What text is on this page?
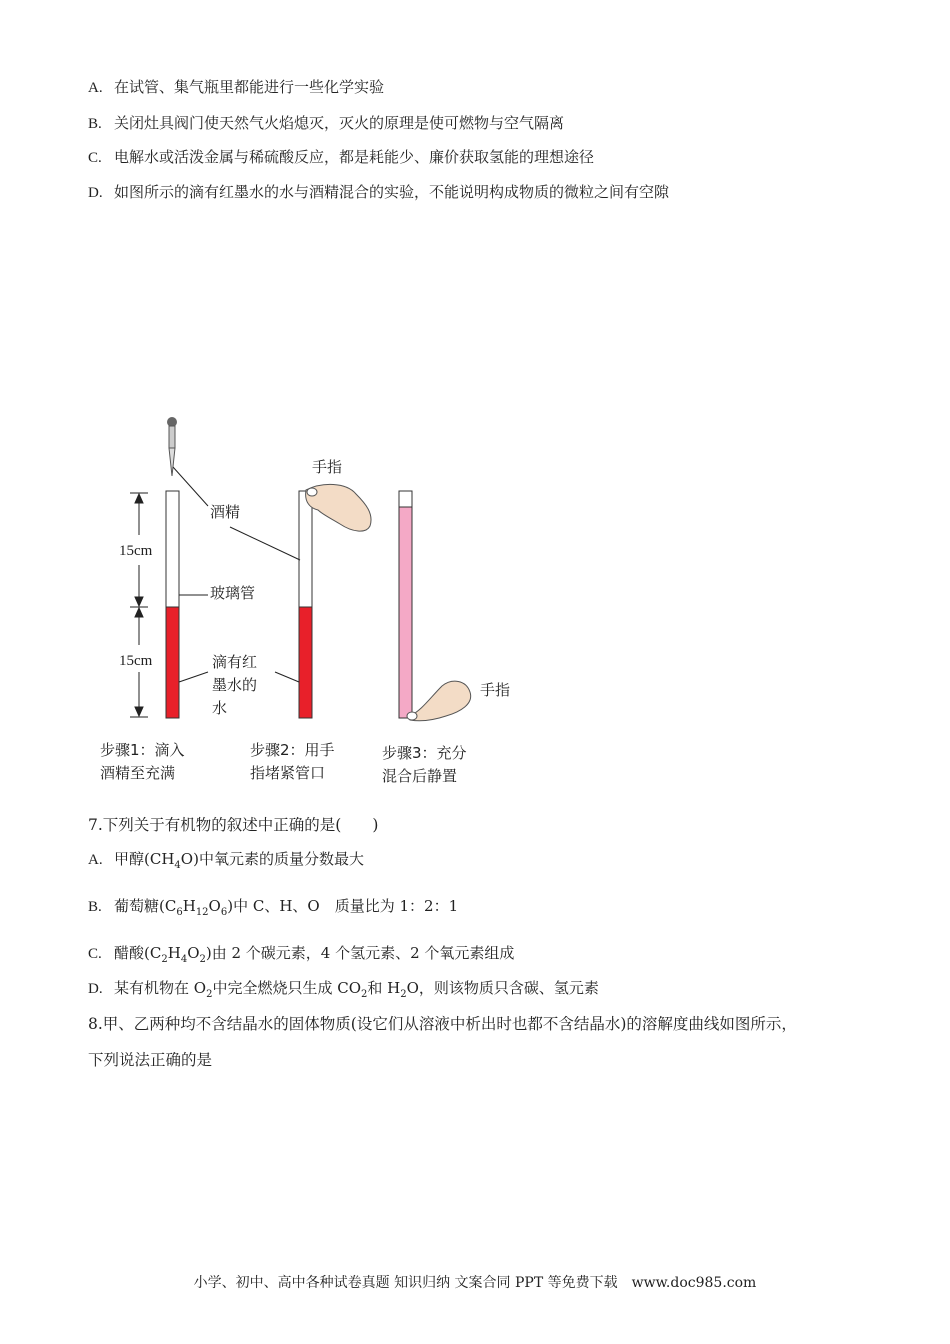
A. 在试管、集气瓶里都能进行一些化学实验
B. 关闭灶具阀门使天然气火焰熄灭，灭火的原理是使可燃物与空气隔离
C. 电解水或活泼金属与稀硫酸反应，都是耗能少、廉价获取氢能的理想途径
D. 如图所示的滴有红墨水的水与酒精混合的实验，不能说明构成物质的微粒之间有空隙
15cm
15cm
酒精
玻璃管
滴有红
墨水的
水
手指
手指
步骤1：滴入
酒精至充满
步骤2：用手
指堵紧管口
步骤3：充分
混合后静置
7.下列关于有机物的叙述中正确的是(　　)
A. 甲醇$(CH_4O)$中氧元素的质量分数最大
B. 葡萄糖$(C_6H_{12}O_6)$中 C、H、O　质量比为 1：2：1
C. 醋酸$(C_2H_4O_2)$由 2 个碳元素，4 个氢元素、2 个氧元素组成
D. 某有机物在 $O_2$中完全燃烧只生成 $CO_2$和 $H_2O$，则该物质只含碳、氢元素
8.甲、乙两种均不含结晶水的固体物质(设它们从溶液中析出时也都不含结晶水)的溶解度曲线如图所示，
下列说法正确的是
小学、初中、高中各种试卷真题 知识归纳 文案合同 PPT 等免费下载　www.doc985.com
